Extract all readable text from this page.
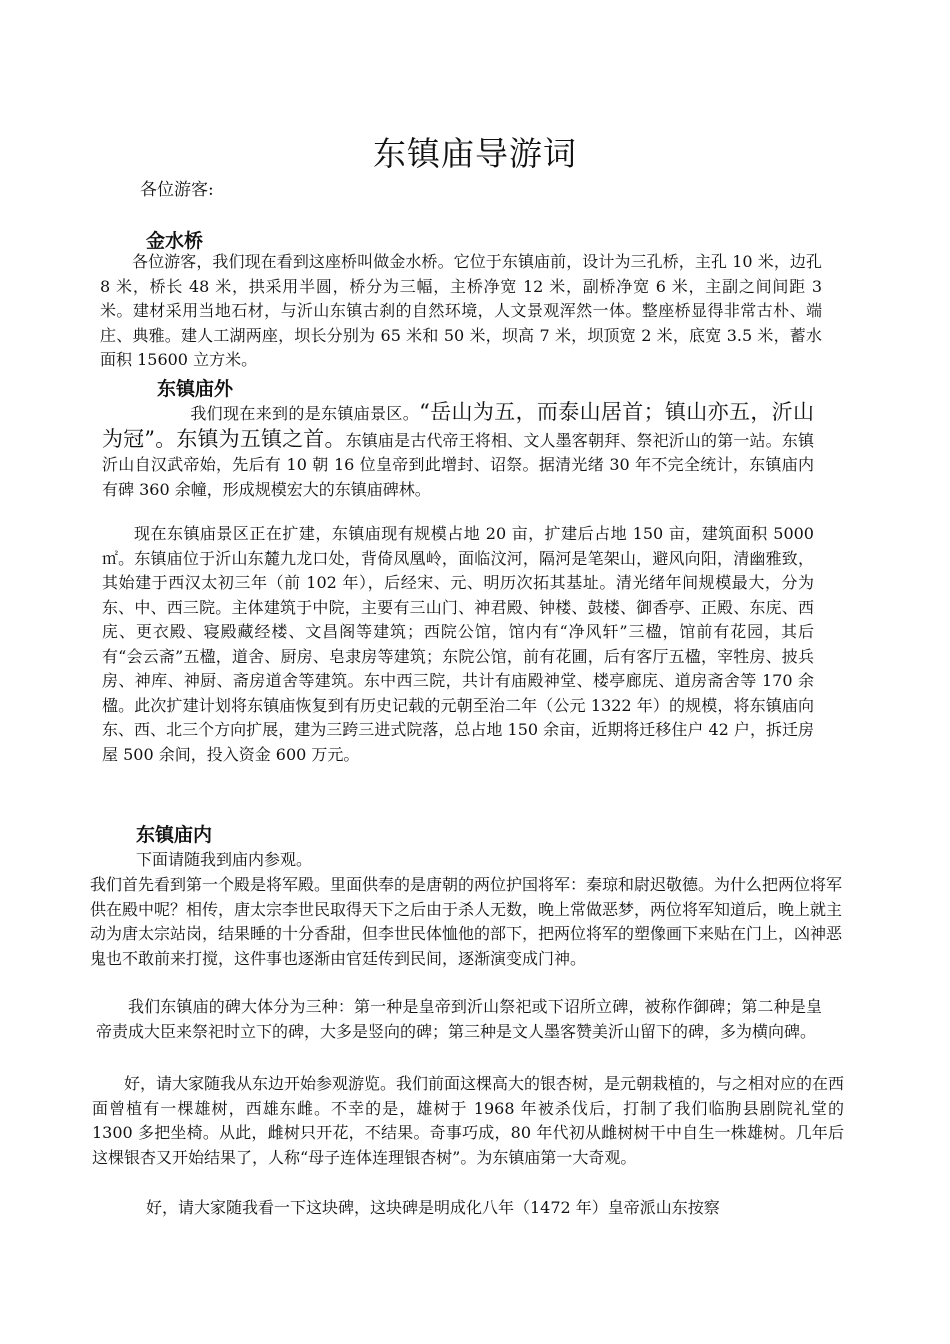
东镇庙导游词
各位游客:
金水桥

各位游客，我们现在看到这座桥叫做金水桥。它位于东镇庙前，设计为三孔桥，主孔 10 米，边孔 8 米，桥长 48 米，拱采用半圆，桥分为三幅，主桥净宽 12 米，副桥净宽 6 米，主副之间间距 3 米。建材采用当地石材，与沂山东镇古刹的自然环境，人文景观浑然一体。整座桥显得非常古朴、端庄、典雅。建人工湖两座，坝长分别为 65 米和 50 米，坝高 7 米，坝顶宽 2 米，底宽 3.5 米，蓄水面积 15600 立方米。

东镇庙外

我们现在来到的是东镇庙景区。“岳山为五，而泰山居首；镇山亦五，沂山为冠”。东镇为五镇之首。东镇庙是古代帝王将相、文人墨客朝拜、祭祀沂山的第一站。东镇沂山自汉武帝始，先后有 10 朝 16 位皇帝到此增封、诏祭。据清光绪 30 年不完全统计，东镇庙内有碑 360 余幢，形成规模宏大的东镇庙碑林。

现在东镇庙景区正在扩建，东镇庙现有规模占地 20 亩，扩建后占地 150 亩，建筑面积 5000㎡。东镇庙位于沂山东麓九龙口处，背倚凤凰岭，面临汶河，隔河是笔架山，避风向阳，清幽雅致，其始建于西汉太初三年（前 102 年），后经宋、元、明历次拓其基址。清光绪年间规模最大，分为东、中、西三院。主体建筑于中院，主要有三山门、神君殿、钟楼、鼓楼、御香亭、正殿、东庑、西庑、更衣殿、寝殿藏经楼、文昌阁等建筑；西院公馆，馆内有“净风轩”三楹，馆前有花园，其后有“会云斋”五楹，道舍、厨房、皂隶房等建筑；东院公馆，前有花圃，后有客厅五楹，宰牲房、披兵房、神库、神厨、斋房道舍等建筑。东中西三院，共计有庙殿神堂、楼亭廊庑、道房斋舍等 170 余楹。此次扩建计划将东镇庙恢复到有历史记载的元朝至治二年（公元 1322 年）的规模，将东镇庙向东、西、北三个方向扩展，建为三跨三进式院落，总占地 150 余亩，近期将迁移住户 42 户，拆迁房屋 500 余间，投入资金 600 万元。

东镇庙内

下面请随我到庙内参观。

我们首先看到第一个殿是将军殿。里面供奉的是唐朝的两位护国将军：秦琼和尉迟敬德。为什么把两位将军供在殿中呢？相传，唐太宗李世民取得天下之后由于杀人无数，晚上常做恶梦，两位将军知道后，晚上就主动为唐太宗站岗，结果睡的十分香甜，但李世民体恤他的部下，把两位将军的塑像画下来贴在门上，凶神恶鬼也不敢前来打搅，这件事也逐渐由官廷传到民间，逐渐演变成门神。

我们东镇庙的碑大体分为三种：第一种是皇帝到沂山祭祀或下诏所立碑，被称作御碑；第二种是皇帝责成大臣来祭祀时立下的碑，大多是竖向的碑；第三种是文人墨客赞美沂山留下的碑，多为横向碑。

好，请大家随我从东边开始参观游览。我们前面这棵高大的银杏树，是元朝栽植的，与之相对应的在西面曾植有一棵雄树，西雄东雌。不幸的是，雄树于 1968 年被杀伐后，打制了我们临朐县剧院礼堂的 1300 多把坐椅。从此，雌树只开花，不结果。奇事巧成，80 年代初从雌树树干中自生一株雄树。几年后这棵银杏又开始结果了，人称“母子连体连理银杏树”。为东镇庙第一大奇观。

好，请大家随我看一下这块碑，这块碑是明成化八年（1472 年）皇帝派山东按察
